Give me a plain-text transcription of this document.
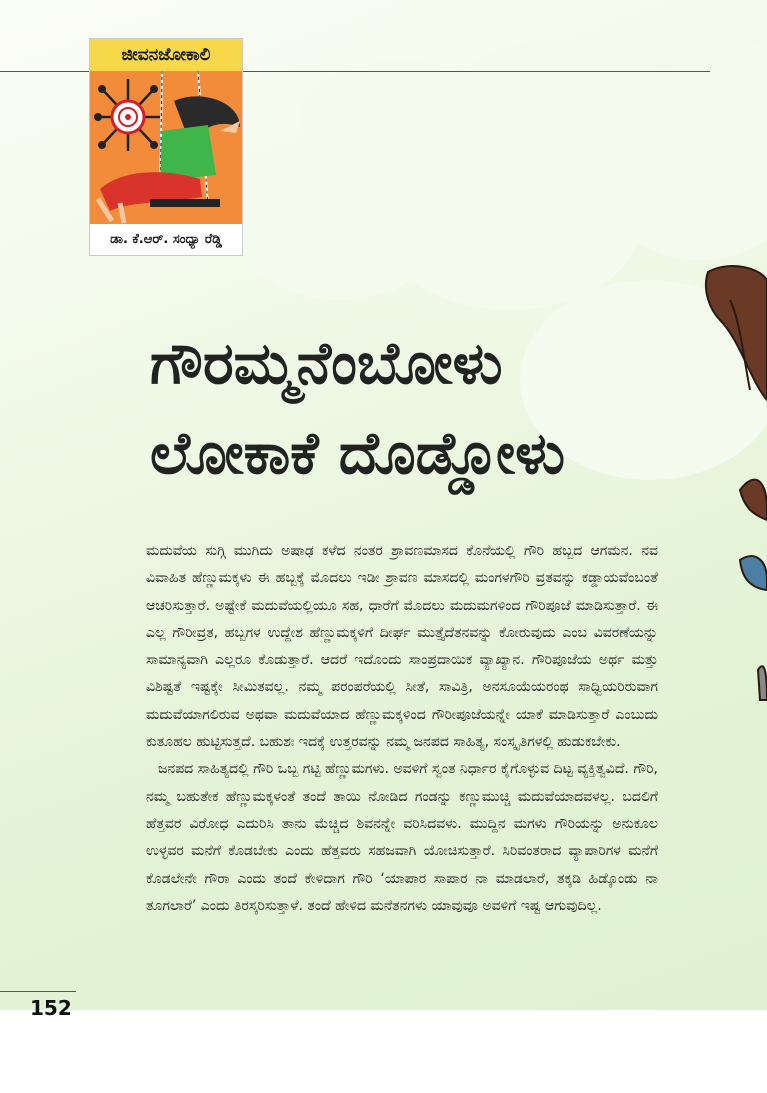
ಜೀವನಜೋಕಾಲಿ
ಡಾ. ಕೆ.ಆರ್. ಸಂಧ್ಯಾ ರೆಡ್ಡಿ
ಗೌರಮ್ಮನೆಂಬೋಳು
ಲೋಕಾಕೆ ದೊಡ್ಡೋಳು

ಮದುವೆಯ ಸುಗ್ಗಿ ಮುಗಿದು ಅಷಾಢ ಕಳೆದ ನಂತರ ಶ್ರಾವಣಮಾಸದ ಕೊನೆಯಲ್ಲಿ ಗೌರಿ ಹಬ್ಬದ ಆಗಮನ. ನವ ವಿವಾಹಿತ ಹೆಣ್ಣುಮಕ್ಕಳು ಈ ಹಬ್ಬಕ್ಕೆ ಮೊದಲು ಇಡೀ ಶ್ರಾವಣ ಮಾಸದಲ್ಲಿ ಮಂಗಳಗೌರಿ ವ್ರತವನ್ನು ಕಡ್ಡಾಯವೆಂಬಂತೆ ಆಚರಿಸುತ್ತಾರೆ. ಅಷ್ಟೇಕೆ ಮದುವೆಯಲ್ಲಿಯೂ ಸಹ, ಧಾರೆಗೆ ಮೊದಲು ಮದುಮಗಳಿಂದ ಗೌರಿಪೂಜೆ ಮಾಡಿಸುತ್ತಾರೆ. ಈ ಎಲ್ಲ ಗೌರೀವ್ರತ, ಹಬ್ಬಗಳ ಉದ್ದೇಶ ಹೆಣ್ಣುಮಕ್ಕಳಿಗೆ ದೀರ್ಘ ಮುತ್ತೈದೆತನವನ್ನು ಕೋರುವುದು ಎಂಬ ವಿವರಣೆಯನ್ನು ಸಾಮಾನ್ಯವಾಗಿ ಎಲ್ಲರೂ ಕೊಡುತ್ತಾರೆ. ಆದರೆ ಇದೊಂದು ಸಾಂಪ್ರದಾಯಿಕ ವ್ಯಾಖ್ಯಾನ. ಗೌರಿಪೂಜೆಯ ಅರ್ಥ ಮತ್ತು ವಿಶಿಷ್ಟತೆ ಇಷ್ಟಕ್ಕೇ ಸೀಮಿತವಲ್ಲ. ನಮ್ಮ ಪರಂಪರೆಯಲ್ಲಿ ಸೀತೆ, ಸಾವಿತ್ರಿ, ಅನಸೂಯೆಯರಂಥ ಸಾಧ್ವಿಯರಿರುವಾಗ ಮದುವೆಯಾಗಲಿರುವ ಅಥವಾ ಮದುವೆಯಾದ ಹೆಣ್ಣುಮಕ್ಕಳಿಂದ ಗೌರೀಪೂಜೆಯನ್ನೇ ಯಾಕೆ ಮಾಡಿಸುತ್ತಾರೆ ಎಂಬುದು ಕುತೂಹಲ ಹುಟ್ಟಿಸುತ್ತದೆ. ಬಹುಶಃ ಇದಕ್ಕೆ ಉತ್ತರವನ್ನು ನಮ್ಮ ಜನಪದ ಸಾಹಿತ್ಯ, ಸಂಸ್ಕೃತಿಗಳಲ್ಲಿ ಹುಡುಕಬೇಕು.

ಜನಪದ ಸಾಹಿತ್ಯದಲ್ಲಿ ಗೌರಿ ಒಬ್ಬ ಗಟ್ಟಿ ಹೆಣ್ಣುಮಗಳು. ಅವಳಿಗೆ ಸ್ವಂತ ನಿರ್ಧಾರ ಕೈಗೊಳ್ಳುವ ದಿಟ್ಟ ವ್ಯಕ್ತಿತ್ವವಿದೆ. ಗೌರಿ, ನಮ್ಮ ಬಹುತೇಕ ಹೆಣ್ಣುಮಕ್ಕಳಂತೆ ತಂದೆ ತಾಯಿ ನೋಡಿದ ಗಂಡನ್ನು ಕಣ್ಣುಮುಚ್ಚಿ ಮದುವೆಯಾದವಳಲ್ಲ. ಬದಲಿಗೆ ಹೆತ್ತವರ ವಿರೋಧ ಎದುರಿಸಿ ತಾನು ಮೆಚ್ಚಿದ ಶಿವನನ್ನೇ ವರಿಸಿದವಳು. ಮುದ್ದಿನ ಮಗಳು ಗೌರಿಯನ್ನು ಅನುಕೂಲ ಉಳ್ಳವರ ಮನೆಗೆ ಕೊಡಬೇಕು ಎಂದು ಹೆತ್ತವರು ಸಹಜವಾಗಿ ಯೋಚಿಸುತ್ತಾರೆ. ಸಿರಿವಂತರಾದ ವ್ಯಾಪಾರಿಗಳ ಮನೆಗೆ ಕೊಡಲೇನೇ ಗೌರಾ ಎಂದು ತಂದೆ ಕೇಳಿದಾಗ ಗೌರಿ ‘ಯಾಪಾರ ಸಾಪಾರ ನಾ ಮಾಡಲಾರೆ, ತಕ್ಕಡಿ ಹಿಡ್ಕೊಂಡು ನಾ ತೂಗಲಾರೆ’ ಎಂದು ತಿರಸ್ಕರಿಸುತ್ತಾಳೆ. ತಂದೆ ಹೇಳಿದ ಮನೆತನಗಳು ಯಾವುವೂ ಅವಳಿಗೆ ಇಷ್ಟ ಆಗುವುದಿಲ್ಲ.

152
